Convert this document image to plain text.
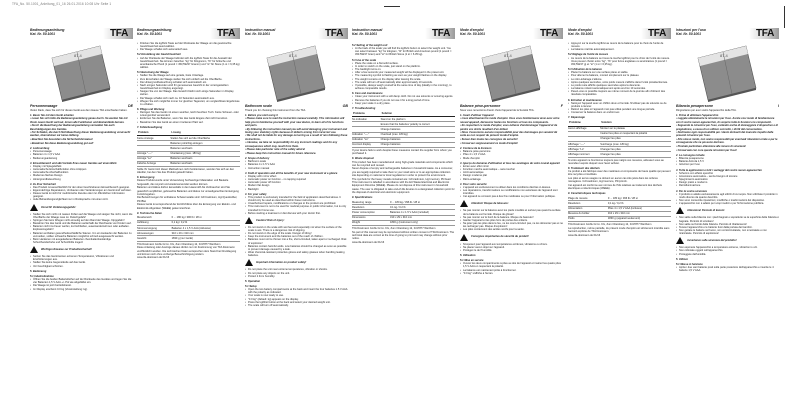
TFA_No. 50.1001_Anleitung_01_16 26.01.2016 10:08 Uhr Seite 1
Bedienungsanleitung
Kat. Nr. 50.1001	TFA
87.4
Personenwaage	DE
Vielen Dank, dass Sie sich für dieses Gerät aus dem Hause TFA entschieden haben.
1. Bevor Sie mit dem Gerät arbeiten
• Lesen Sie sich bitte die Bedienungsanleitung genau durch. So werden Sie mit Ihrem neuen Gerät vertraut, lernen alle Funktionen und Bestandteile kennen.
• Durch die Beachtung der Bedienungsanleitung vermeiden Sie auch Beschädigungen des Gerätes.
• Für Schäden, die durch Nichtbeachtung dieser Bedienungsanleitung verursacht werden, übernehmen wir keine Haftung.
• Beachten Sie besonders die Sicherheitshinweise!
• Bewahren Sie diese Bedienungsanleitung gut auf!
2. Lieferumfang
• Personenwaage
• Batterien 4 x 1,5 V AAA
• Bedienungsanleitung
3. Einsatzbereich und alle Vorteile Ihres neuen Gerätes auf einen Blick
• Display mit Spiegeleffekt
• Automatische Einschaltfunktion ohne Antippen
• Automatische Abschaltfunktion
• Modernes flaches Design
• Hintergrundbeleuchtung
4. Zu Ihrer Sicherheit
• Das Produkt ist ausschließlich für den oben beschriebenen Einsatzbereich geeignet.
• Eigenmächtige Reparaturen, Umbauten oder Veränderungen am Gerät sind verboten.
• Dieses Gerät ist nicht für medizinische Zwecke oder zur öffentlichen Information geeignet.
• Jede Behandlungsmöglichkeit nur in Rücksprache mit einem Arzt.
Vorsicht! Verletzungsgefahr:
• Stellen Sie sich nicht mit nassen Füßen auf die Waage und steigen Sie nicht, wenn die Oberfläche der Waage nass ist. Rutschgefahr!
• Springen Sie beim Wiegen nicht einseitig auf den Rand der Waage. Kippgefahr!
• Bewahren Sie das Gerät und die Batterien außerhalb der Reichweite von Kindern auf.
• Batterien nicht ins Feuer werfen, kurzschließen, auseinandernehmen oder aufladen. Explosionsgefahr!
• Batterien enthalten gesundheitsschädliche Säuren. Um ein Auslaufen der Batterien zu vermeiden, sollten schwache Batterien möglichst schnell ausgetauscht werden.
• Beim Hantieren mit ausgelaufenen Batterien chemikalienbeständige Schutzhandschuhe und Schutzbrille tragen!
Wichtige Hinweise zur Produktsicherheit!
• Setzen Sie das Gerät keinen extremen Temperaturen, Vibrationen und Erschütterungen aus.
• Stellen Sie keine Gegenstände auf das Gerät.
• Vor Feuchtigkeit schützen.
5. Bedienung
5.1 Inbetriebnahme
• Öffnen Sie die beiden Batteriefächer auf der Rückseite des Gerätes und legen Sie die vier Batterien 1,5 V AAA +/- Pol wie abgebildet ein.
• Die Waage ist jetzt betriebsbereit.
• Im Display erscheint 0.0 kg (Voreinstellung: kg).
Bedienungsanleitung
Kat. Nr. 50.1001	TFA
• Drücken Sie die kg/lb/st Taste auf der Rückseite der Waage um die gewünschte Gewichtseinheit auszuwählen.
• Die Waage schaltet sich automatisch aus.
5.2 Einstellung der Gewichtseinheit
• Auf der Rückseite der Waage befindet sich die kg/lb/st Taste für die Auswahl der Gewichtseinheit. Sie können zwischen "kg" für Kilogramm, "lb" für britische und amerikanische Pfund (1 pound = 453,59237 Gramm) und "st" für Stone (1 st = 6,35 kg) wählen.
5.3 Benutzung der Waage
• Stellen Sie die Waage auf eine gerade, feste Unterlage.
• Zum Einschalten der Waage stellen Sie sich einfach auf die Oberfläche.
• Die Hintergrundbeleuchtung schaltet sich automatisch ein.
• Nach einigen Sekunden wird Ihr gemessenes Gewicht in der voreingestellten Gewichtseinheit im Display angezeigt.
• Steigen Sie von der Waage. Das Gewicht bleibt noch einige Sekunden im Display stehen.
• Die Waage schaltet sich nach ca. 10 Sekunden automatisch aus.
• Wiegen Sie sich möglichst immer zur gleichen Tageszeit, um vergleichbare Ergebnisse zu erhalten.
6. Pflege und Wartung
• Reinigen Sie das Gerät mit einem weichen, leicht feuchten Tuch. Keine Scheuer- oder Lösungsmittel verwenden!
• Entfernen Sie die Batterien, wenn Sie das Gerät längere Zeit nicht benutzen.
• Bewahren Sie das Gerät an einem trockenen Platz auf.
7. Fehlerbeseitigung
Problem	Lösung
Keine Anzeige	Stellen Sie sich auf die Oberfläche
	Batterien polrichtig einlegen
	Batterien wechseln
Anzeige "----"	Überlastung (max. 180 kg)
Anzeige "Lo"	Batterien wechseln
Falsche Anzeige	Batterien wechseln
Sollte Ihr Gerät trotz dieser Maßnahmen nicht funktionieren, wenden Sie sich an den Händler, bei dem Sie das Produkt gekauft haben.
8. Entsorgung
Dieses Produkt wurde unter Verwendung hochwertiger Materialien und Bauteile hergestellt, die recycelt und wiederverwendet werden können.
Batterien und Akkus dürfen keinesfalls in den Hausmüll! Als Verbraucher sind Sie gesetzlich verpflichtet, gebrauchte Batterien und Akkus zur umweltgerechten Entsorgung zurückzugeben.
Die Bezeichnungen für enthaltene Schwermetalle sind: Cd=Cadmium, Hg=Quecksilber, Pb=Blei
Dieses Gerät ist entsprechend der EU-Richtlinie über die Entsorgung von Elektro- und Elektronik-Altgeräten (WEEE) gekennzeichnet.
9. Technische Daten
Messbereich	0 ... 180 kg / 396 lb / 28 st
Auflösung	0,1 kg / 0,2 lb
Stromversorgung	Batterien 4 x 1,5 V AAA (inklusive)
Abmessungen	310 x 29 x 310 mm
Gewicht	1830 g (nur Gerät)
TFA Dostmann GmbH & Co. KG, Zum Ottersberg 12, D-97877 Wertheim
Diese Anleitung oder Auszüge daraus dürfen nur mit Zustimmung von TFA Dostmann veröffentlicht werden. Die technischen Daten entsprechen dem Stand bei Drucklegung und können sich ohne vorherige Benachrichtigung ändern.
www.tfa-dostmann.de 01/16
Instruction manual
Kat. Nr. 50.1001	TFA
87.4
Bathroom scale	GB
Thank you for choosing this instrument from the TFA.
1. Before you start using it
• Please make sure to read the instruction manual carefully. This information will help you to familiarise yourself with your new device, to learn all of its functions and parts.
• By following the instruction manual you will avoid damaging your instrument and losing your statutory rights because of defects arising from incorrect use.
• We shall not be liable for any damage occurring as a result of non following these instructions.
• Likewise, we take no responsibility for any incorrect readings and for any consequences which may result from them.
• Please take particular note of the safety advice!
• Please keep this instruction manual for future reference.
2. Scope of delivery
• Bathroom scale
• Batteries 4 x 1.5 V AAA
• Instruction manual
3. Field of operation and all the benefits of your new instrument at a glance
• Display with mirror effect
• Automatic power on function – no tapping required
• Automatic power off function
• Modern flat design
• Backlight
4. For your safety
• This product is exclusively intended for the field of application described above. It should only be used as described within these instructions.
• Unauthorised repairs, modifications or changes to the product are prohibited.
• This instrument is not to be used for medical purpose or public information, but is only intended for home use.
• Before starting a treatment or diet discuss with your doctor first.
Caution! Risk of injury:
• Do not stand on the scale with wet feet and especially not when the surface of the scale is wet. There is a dangerous risk of slipping.
• Do not stand on the edge of the scale. Danger of tilting!
• Keep the instrument and the batteries out of the reach of children.
• Batteries must not be thrown into a fire, short-circuited, taken apart or recharged. Risk of explosion!
• Batteries contain harmful acids. Low batteries should be changed as soon as possible to prevent damage caused by a leak.
• Wear chemical-resistant protective gloves and safety glasses when handling leaking batteries.
Important information on product safety!
• Do not place the unit near extreme temperatures, vibration or shocks.
• Do not place any objects on the unit.
• Protect it from humidity.
5. Operation
5.1 Setup
• Open the two battery compartments at the back and insert the four batteries 1.5 V AAA with the polarity as indicated.
• Your scale is now ready to use.
• "0.0 kg" (default: kg) appears on the display.
• Press the kg/lb/st button at the back and select your desired weight unit.
• The scale will turn off automatically.
Instruction manual
Kat. Nr. 50.1001	TFA
5.2 Setting of the weight unit
• At the back of the scale you will find the kg/lb/st button to select the weight unit. You can select between "kg" for kilogram, "lb" for British and American pound (1 pound = 453.59237 Gram) and "st" for British Stone (1 st = 6.35 kg).
5.3 Use of the scale
• Place the scale on a flat solid surface.
• In order to switch on the scale, just stand on the platform.
• The backlight turns on.
• After a few seconds your measured weight will be displayed in the preset unit.
• The measuring symbol is flashing as soon as your weight flashes on the display.
• The weight remains on the display after leaving the scale.
• The scale will turn off automatically after approximately 10 seconds.
• If possible, always weigh yourself at the same time of day (ideally in the morning), to achieve comparable results.
6. Care and maintenance
• Clean your instrument with a soft damp cloth. Do not use solvents or scouring agents.
• Remove the batteries if you do not use it for a long period of time.
• Keep your scale in a dry place.
7. Troubleshooting
Problems	Solution
No indication	Stand on the platform
	Ensure that the batteries' polarity is correct
	Change batteries
Indication "----"	Overload (max. 180 kg)
Indication "Lo"	Change batteries
Incorrect display	Change batteries
If your device fails to work despite these measures contact the supplier from whom you purchased it.
8. Waste disposal
This product has been manufactured using high-grade materials and components which can be recycled and reused.
Never dispose of empty and rechargeable batteries in household waste. As a consumer, you are legally required to take them to your retail store or to an appropriate collection site depending on national or local regulations in order to protect the environment.
The symbols for the heavy metals contained are: Cd=cadmium, Hg=mercury, Pb=lead
This instrument is labelled in accordance with the EU Waste Electrical and Electronic Equipment Directive (WEEE). Please do not dispose of this instrument in household waste. The user is obligated to take end-of-life devices to a designated collection point for the disposal of electrical and electronic equipment.
9. Specifications
Measuring range	0 ... 180 kg / 396 lb / 28 st
Resolution	0.1 kg / 0.2 lb
Power consumption	Batteries 4 x 1.5 V AAA (included)
Dimensions	310 x 29 x 310 mm
Weight	1830 g (instrument only)
TFA Dostmann GmbH & Co. KG, Zum Ottersberg 12, D-97877 Wertheim
No part of this manual may be reproduced without written consent of TFA Dostmann. The technical data are correct at the time of going to print and may change without prior notice.
www.tfa-dostmann.de 01/16
Mode d'emploi
Kat. Nr. 50.1001	TFA
87.4
Balance pèse-personne	F
Nous vous remercions d'avoir choisi l'appareil de la Société TFA.
1. Avant d'utiliser l'appareil
• Lisez attentivement le mode d'emploi. Vous vous familiariserez ainsi avec votre nouvel appareil, découvrez toutes les fonctions et tous les composants.
• En respectant ce mode d'emploi, vous éviterez d'endommager l'appareil et de perdre vos droits résultant d'un défaut.
• Nous n'assumons aucune responsabilité pour des dommages qui seraient dû suite au non respect du présent mode d'emploi.
• Suivez bien toutes les consignes de sécurité!
• Conservez soigneusement ce mode d'emploi!
2. Contenu de la livraison
• Balance pèse-personne
• Piles 4 x 1,5 V AAA
• Mode d'emploi
3. Aperçu du domaine d'utilisation et tous les avantages de votre nouvel appareil
• Écran avec effet miroir
• Fonction marche automatique – sans toucher
• Arrêt automatique
• Design moderne plat
• Rétro-éclairage
4. Pour votre sécurité
• L'appareil est exclusivement à utiliser dans les conditions décrites ci-dessus.
• Les réparations, transformations ou modifications non autorisées de l'appareil sont interdites.
• Cet appareil ne convient pas à des fins médicales ou pour l'information publique.
Attention! Risque de blessure:
• Ne pas monter sur la balance avec les pieds mouillés et surtout pas quand la surface de la balance est humide. Risque de glisser!
• Ne pas monter sur le bord de la balance. Risque de basculer!
• Gardez l'appareil et les piles hors de portée des enfants.
• Ne jetez pas les piles dans le feu, ne les court-circuitez pas, ne les démontez pas et ne les rechargez pas. Risque d'explosion!
• Les piles contiennent des acides nocifs pour la santé.
Consignes importantes de sécurité du produit!
• N'exposez pas l'appareil aux températures extrêmes, vibrations ou chocs.
• Ne placez aucun objet sur l'appareil.
• Protégez-le de l'humidité.
5. Utilisation
5.1 Mise en service
• Ouvrez les deux compartiments à piles au dos de l'appareil et insérez les quatre piles 1,5 V AAA en respectant la polarité.
• La balance est maintenant prête à fonctionner.
• "0.0 kg" s'affiche à l'écran.
Mode d'emploi
Kat. Nr. 50.1001	TFA
• Appuyez sur la touche kg/lb/st au revers de la balance pour le choix de l'unité de mesure.
• La balance s'arrête automatiquement.
5.2 Réglage de l'unité de mesure
• Au revers de la balance se trouve la touche kg/lb/st pour le choix de l'unité de mesure. Vous pouvez choisir entre "kg", "lb" pour livres anglaises ou américaines (1 pound = 453,59237 g) et "st" (1 st = 6,35 kg).
5.3 Utilisation de la balance
• Placez la balance sur une surface plane et stable.
• Pour allumer la balance, montez simplement sur le plateau.
• Le rétro-éclairage s'allume.
• Après quelques secondes, votre poids mesuré s'affiche dans l'unité présélectionnée.
• Le poids reste affiché quelques secondes après la descente.
• La balance s'éteint automatiquement après environ 10 secondes.
• Pesez-vous si possible toujours au même moment de la journée afin d'obtenir des résultats comparables.
6. Entretien et maintenance
• Nettoyez l'appareil avec un chiffon doux et humide. N'utilisez pas de solvants ou de produits à récurer.
• Retirez les piles si l'appareil n'est pas utilisé pendant une longue période.
• Conservez la balance dans un endroit sec.
7. Dépannage
Problème	Solution
Aucun affichage	Montez sur le plateau
	Insérez les piles en respectant la polarité
	Changez les piles
Affichage "----"	Surcharge (max. 180 kg)
Affichage "Lo"	Changez les piles
Affichage incorrect	Changez les piles
Si votre appareil ne fonctionne toujours pas malgré ces mesures, adressez-vous au revendeur auprès duquel vous l'avez acheté.
8. Traitement des déchets
Ce produit a été fabriqué avec des matériaux et composants de haute qualité qui peuvent être recyclés et réutilisés.
Les piles et accus usagés ne doivent en aucun cas être jetés dans les ordures ménagères. Cd=cadmium, Hg=mercure, Pb=plomb.
Cet appareil est conforme aux normes de l'UE relatives au traitement des déchets électriques et électroniques (WEEE).
9. Caractéristiques techniques
Plage de mesure	0 ... 180 kg / 396 lb / 28 st
Résolution	0,1 kg / 0,2 lb
Alimentation	Piles 4 x 1,5 V AAA (incluses)
Mesures du boîtier	310 x 29 x 310 mm
Poids	1830 g (appareil seulement)
TFA Dostmann GmbH & Co. KG, Zum Ottersberg 12, D-97877 Wertheim
La reproduction, même partielle, du présent mode d'emploi est strictement interdite sans l'accord explicite de TFA Dostmann.
www.tfa-dostmann.de 01/16
Istruzioni per l'uso
Kat. Nr. 50.1001	TFA
87.4
Bilancia pesapersone	I
Ringraziamo per aver scelto l'apparecchio della TFA.
1. Prima di utilizzare l'apparecchio
• Leggete attentamente le istruzioni per l'uso. Avrete così modo di familiarizzare con il vostro nuovo apparecchio, di scoprire tutte le funzioni e le componenti.
• Seguendo le istruzioni per l'uso, evitando anche di danneggiare il dispositivo e di pregiudicare, a causa di un utilizzo scorretto, i diritti del consumatore.
• Declinamo ogni responsabilità per i danni derivanti dal mancato rispetto delle presenti istruzioni per l'uso.
• Allo stesso modo, non siamo responsabili per eventuali rilevazioni errate e per le conseguenze che ne possono derivare.
• Prestate particolare attenzione alle misure di sicurezza!
• Conservate con cura queste istruzioni per l'uso!
2. La consegna include
• Bilancia pesapersone
• Batterie AAA da 1,5 V
• Istruzioni per l'uso
3. Tutte le applicazioni e tutti i vantaggi del vostro nuovo apparecchio
• Schermo con effetto specchio
• Accensione automatica – senza bisogno di toccare
• Spegnimento automatico
• Design piatto e moderno
• Retroilluminazione
4. Per la vostra sicurezza
• Il prodotto è adatto esclusivamente agli utilizzi di cui sopra. Non utilizzate il prodotto in modo diverso da quanto descritto.
• Non sono consentite riparazioni, modifiche o trasformazioni del dispositivo.
• L'apparecchio non è adatto per scopi medici o per l'informazione pubblica.
Attenzione! Pericolo di lesioni:
• Non salite sulla bilancia con i piedi bagnati e soprattutto se la superficie della bilancia è bagnata. Pericolo di scivolare!
• Non salite sul bordo della bilancia. Pericolo di ribaltamento!
• Tenete l'apparecchio e le batterie fuori dalla portata dei bambini.
• Non gettate le batterie nel fuoco, non cortocircuitatele, non smontatele e non ricaricatele. Pericolo di esplosione!
Avvertenze sulla sicurezza del prodotto!
• Non esponete l'apparecchio a temperature estreme, vibrazioni o urti.
• Non collocate oggetti sull'apparecchio.
• Proteggete dall'umidità.
5. Utilizzo
5.1 Messa in funzione
• Aprite i due vani batterie posti sulla parte posteriore dell'apparecchio e inserite le 4 batterie 1,5 V AAA.
